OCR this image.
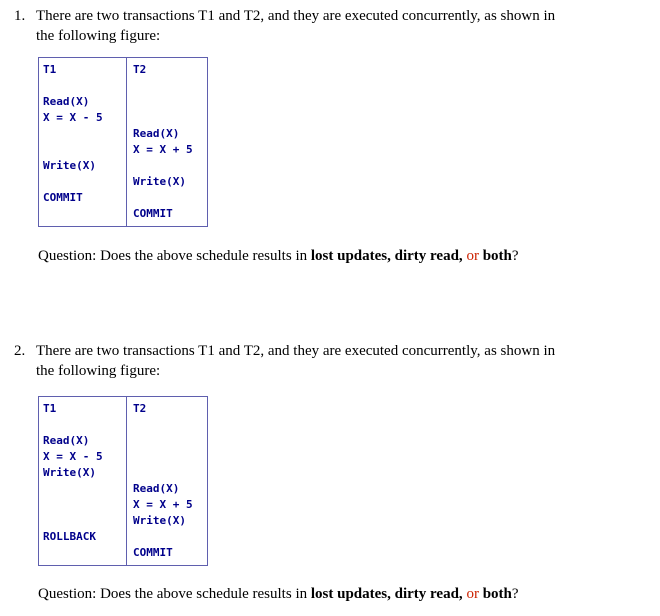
1. There are two transactions T1 and T2, and they are executed concurrently, as shown in
the following figure:
T1	T2
Read(X)
X = X - 5
Read(X)
X = X + 5
Write(X)
Write(X)
COMMIT
COMMIT
Question: Does the above schedule results in lost updates, dirty read, or both?
2. There are two transactions T1 and T2, and they are executed concurrently, as shown in
the following figure:
T1	T2
Read(X)
X = X - 5
Write(X)
Read(X)
X = X + 5
Write(X)
ROLLBACK
COMMIT
Question: Does the above schedule results in lost updates, dirty read, or both?
